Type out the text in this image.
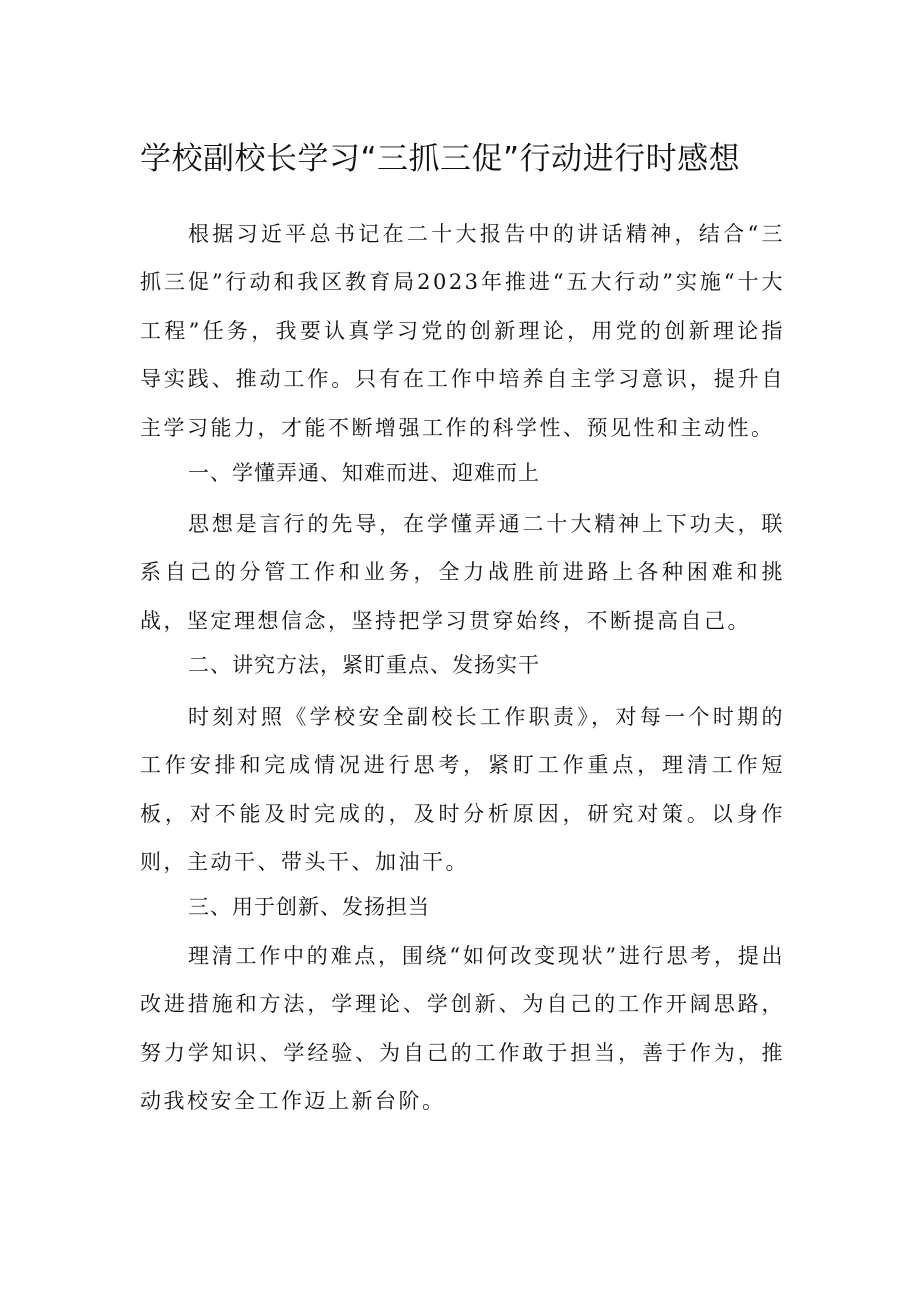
学校副校长学习“三抓三促”行动进行时感想

根据习近平总书记在二十大报告中的讲话精神，结合“三抓三促”行动和我区教育局2023年推进“五大行动”实施“十大工程”任务，我要认真学习党的创新理论，用党的创新理论指导实践、推动工作。只有在工作中培养自主学习意识，提升自主学习能力，才能不断增强工作的科学性、预见性和主动性。

一、学懂弄通、知难而进、迎难而上

思想是言行的先导，在学懂弄通二十大精神上下功夫，联系自己的分管工作和业务，全力战胜前进路上各种困难和挑战，坚定理想信念，坚持把学习贯穿始终，不断提高自己。

二、讲究方法，紧盯重点、发扬实干

时刻对照《学校安全副校长工作职责》，对每一个时期的工作安排和完成情况进行思考，紧盯工作重点，理清工作短板，对不能及时完成的，及时分析原因，研究对策。以身作则，主动干、带头干、加油干。

三、用于创新、发扬担当

理清工作中的难点，围绕“如何改变现状”进行思考，提出改进措施和方法，学理论、学创新、为自己的工作开阔思路，努力学知识、学经验、为自己的工作敢于担当，善于作为，推动我校安全工作迈上新台阶。
